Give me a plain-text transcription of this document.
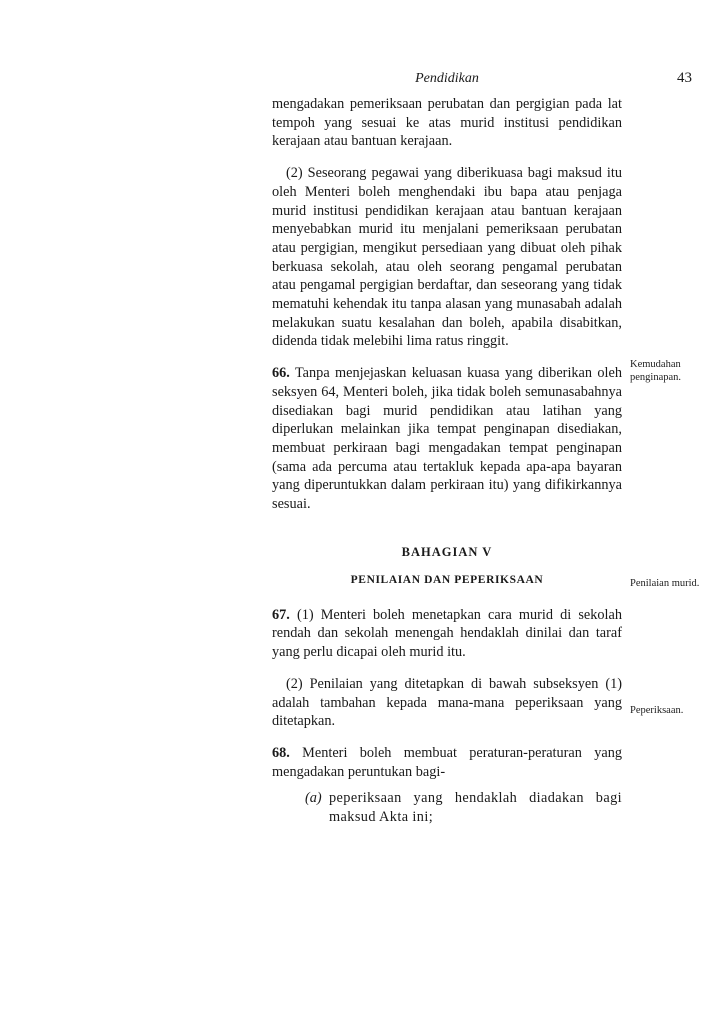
Pendidikan	43

mengadakan pemeriksaan perubatan dan pergigian pada lat tempoh yang sesuai ke atas murid institusi pendidikan kerajaan atau bantuan kerajaan.

(2) Seseorang pegawai yang diberikuasa bagi maksud itu oleh Menteri boleh menghendaki ibu bapa atau penjaga murid institusi pendidikan kerajaan atau bantuan kerajaan menyebabkan murid itu menjalani pemeriksaan perubatan atau pergigian, mengikut persediaan yang dibuat oleh pihak berkuasa sekolah, atau oleh seorang pengamal perubatan atau pengamal pergigian berdaftar, dan seseorang yang tidak mematuhi kehendak itu tanpa alasan yang munasabah adalah melakukan suatu kesalahan dan boleh, apabila disabitkan, didenda tidak melebihi lima ratus ringgit.

66. Tanpa menjejaskan keluasan kuasa yang diberikan oleh seksyen 64, Menteri boleh, jika tidak boleh semunasabahnya disediakan bagi murid pendidikan atau latihan yang diperlukan melainkan jika tempat penginapan disediakan, membuat perkiraan bagi mengadakan tempat penginapan (sama ada percuma atau tertakluk kepada apa-apa bayaran yang diperuntukkan dalam perkiraan itu) yang difikirkannya sesuai.

BAHAGIAN V

PENILAIAN DAN PEPERIKSAAN

67. (1) Menteri boleh menetapkan cara murid di sekolah rendah dan sekolah menengah hendaklah dinilai dan taraf yang perlu dicapai oleh murid itu.

(2) Penilaian yang ditetapkan di bawah subseksyen (1) adalah tambahan kepada mana-mana peperiksaan yang ditetapkan.

68. Menteri boleh membuat peraturan-peraturan yang mengadakan peruntukan bagi-

(a) peperiksaan yang hendaklah diadakan bagi maksud Akta ini;

Kemudahan penginapan.
Penilaian murid.
Peperiksaan.
